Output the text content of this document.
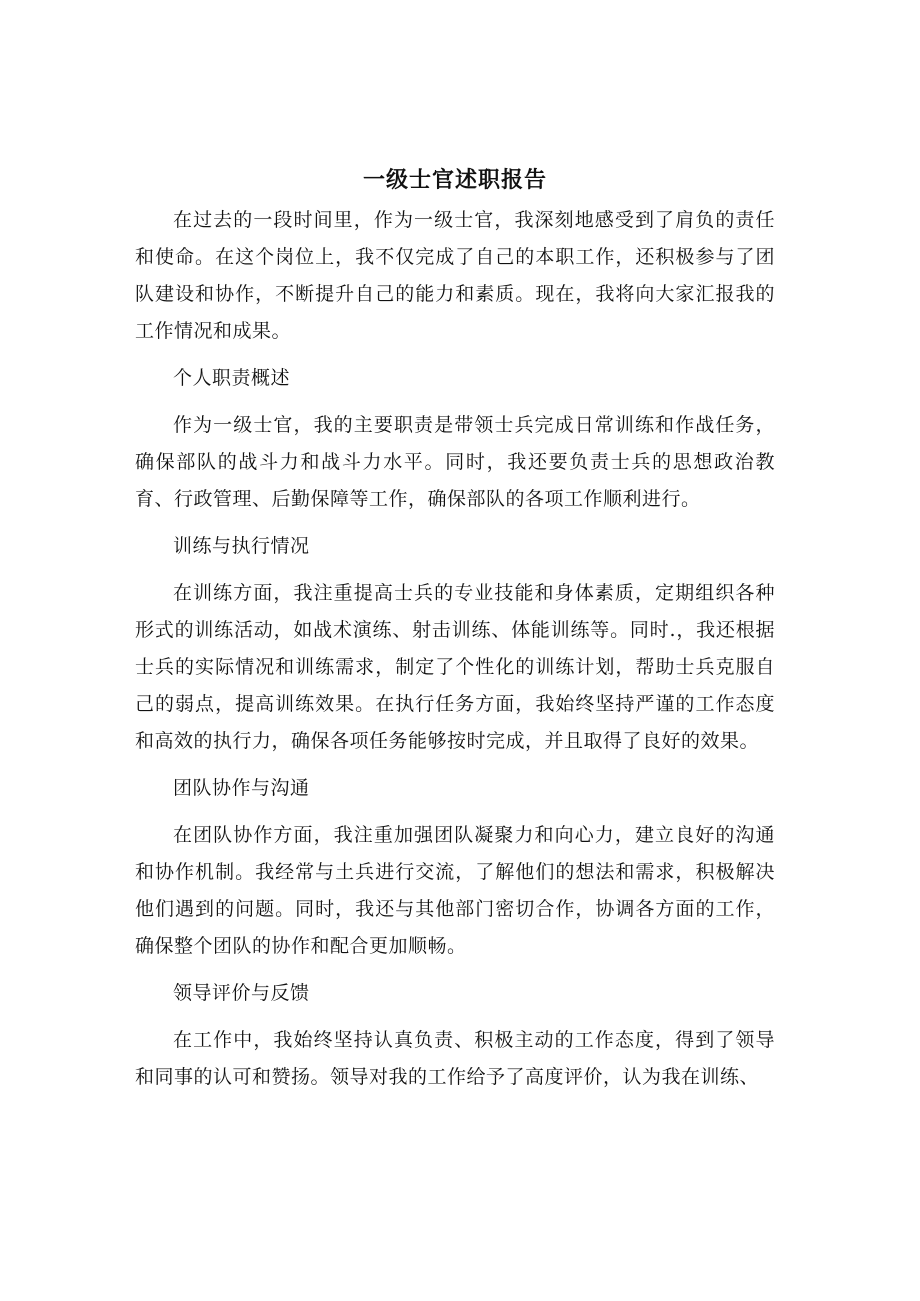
一级士官述职报告

在过去的一段时间里，作为一级士官，我深刻地感受到了肩负的责任和使命。在这个岗位上，我不仅完成了自己的本职工作，还积极参与了团队建设和协作，不断提升自己的能力和素质。现在，我将向大家汇报我的工作情况和成果。

个人职责概述

作为一级士官，我的主要职责是带领士兵完成日常训练和作战任务，确保部队的战斗力和战斗力水平。同时，我还要负责士兵的思想政治教育、行政管理、后勤保障等工作，确保部队的各项工作顺利进行。

训练与执行情况

在训练方面，我注重提高士兵的专业技能和身体素质，定期组织各种形式的训练活动，如战术演练、射击训练、体能训练等。同时.，我还根据士兵的实际情况和训练需求，制定了个性化的训练计划，帮助士兵克服自己的弱点，提高训练效果。在执行任务方面，我始终坚持严谨的工作态度和高效的执行力，确保各项任务能够按时完成，并且取得了良好的效果。

团队协作与沟通

在团队协作方面，我注重加强团队凝聚力和向心力，建立良好的沟通和协作机制。我经常与土兵进行交流，了解他们的想法和需求，积极解决他们遇到的问题。同时，我还与其他部门密切合作，协调各方面的工作，确保整个团队的协作和配合更加顺畅。

领导评价与反馈

在工作中，我始终坚持认真负责、积极主动的工作态度，得到了领导和同事的认可和赞扬。领导对我的工作给予了高度评价，认为我在训练、
